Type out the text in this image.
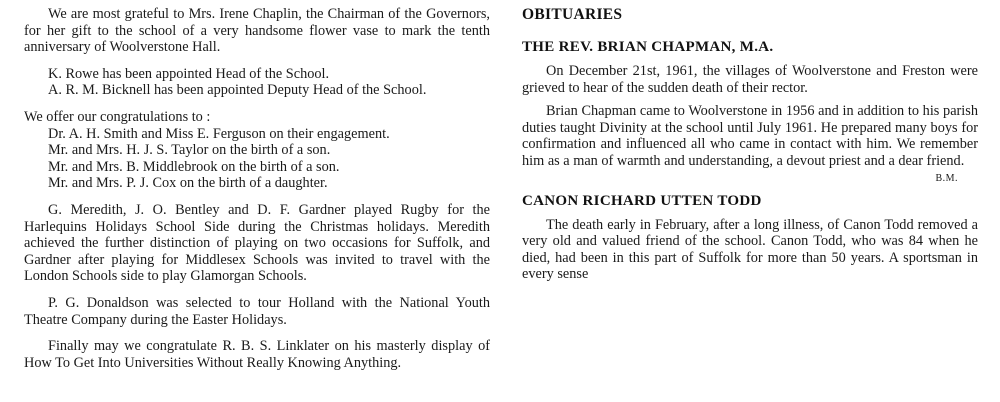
We are most grateful to Mrs. Irene Chaplin, the Chairman of the Governors, for her gift to the school of a very handsome flower vase to mark the tenth anniversary of Woolverstone Hall.

K. Rowe has been appointed Head of the School.

A. R. M. Bicknell has been appointed Deputy Head of the School.

We offer our congratulations to :

Dr. A. H. Smith and Miss E. Ferguson on their engagement.
Mr. and Mrs. H. J. S. Taylor on the birth of a son.
Mr. and Mrs. B. Middlebrook on the birth of a son.
Mr. and Mrs. P. J. Cox on the birth of a daughter.

G. Meredith, J. O. Bentley and D. F. Gardner played Rugby for the Harlequins Holidays School Side during the Christmas holidays. Meredith achieved the further distinction of playing on two occasions for Suffolk, and Gardner after playing for Middlesex Schools was invited to travel with the London Schools side to play Glamorgan Schools.

P. G. Donaldson was selected to tour Holland with the National Youth Theatre Company during the Easter Holidays.

Finally may we congratulate R. B. S. Linklater on his masterly display of How To Get Into Universities Without Really Knowing Anything.

OBITUARIES
THE REV. BRIAN CHAPMAN, M.A.

On December 21st, 1961, the villages of Woolverstone and Freston were grieved to hear of the sudden death of their rector.

Brian Chapman came to Woolverstone in 1956 and in addition to his parish duties taught Divinity at the school until July 1961. He prepared many boys for confirmation and influenced all who came in contact with him. We remember him as a man of warmth and understanding, a devout priest and a dear friend.

B.M.
CANON RICHARD UTTEN TODD

The death early in February, after a long illness, of Canon Todd removed a very old and valued friend of the school. Canon Todd, who was 84 when he died, had been in this part of Suffolk for more than 50 years. A sportsman in every sense
